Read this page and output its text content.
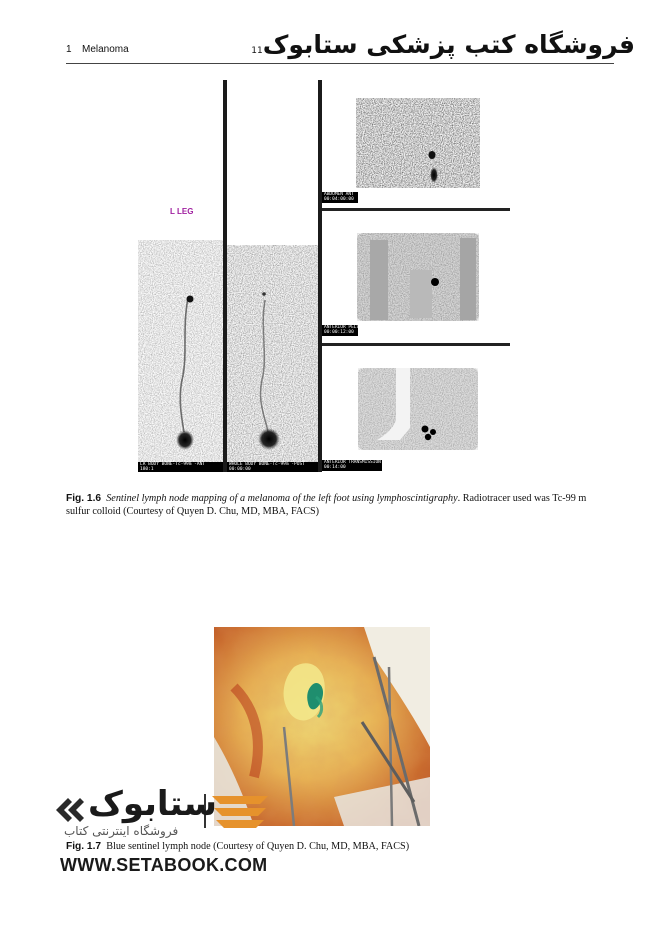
1 Melanoma	فروشگاه کتب پزشکی ستابوک11
LR BODY BONE-Tc-99m -ANT
180:1
WHOLE BODY BONE-Tc-99m -POST
00:00:00
ABDOMEN ANT
00:04:00:00
ANTERIOR PELVIS
00:00:12:00
ANTERIOR TRANSMISSION FEET
00:14:00
L LEG
Fig. 1.6 Sentinel lymph node mapping of a melanoma of the left foot using lymphoscintigraphy. Radiotracer used was Tc-99 m sulfur colloid (Courtesy of Quyen D. Chu, MD, MBA, FACS)
ستابوک
فروشگاه اینترنتی کتاب
Fig. 1.7 Blue sentinel lymph node (Courtesy of Quyen D. Chu, MD, MBA, FACS)
WWW.SETABOOK.COM
